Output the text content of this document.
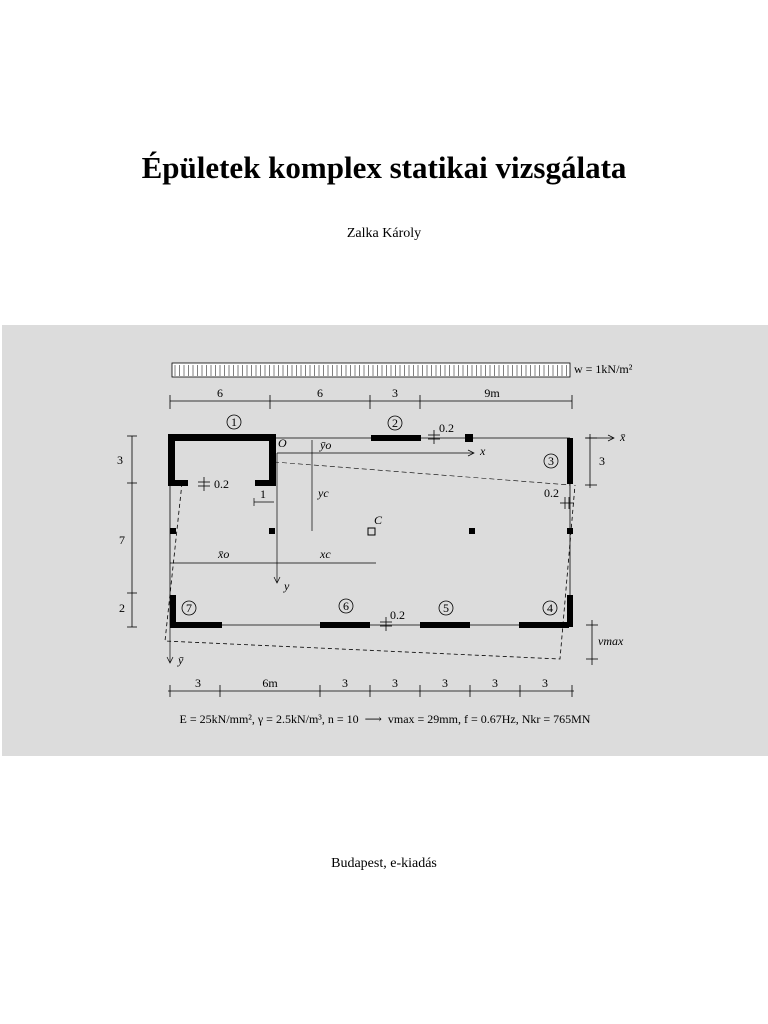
Épületek komplex statikai vizsgálata
Zalka Károly
w = 1kN/m²
6	6	3	9m
1	2
3
4
5
6
7
0.2
0.2
0.2
0.2
1
O
C
x
y
x̄
ȳ
ȳo
yc
x̄o	xc
vmax
3
7
2
3
3	6m	3	3	3	3	3
E = 25kN/mm², γ = 2.5kN/m³, n = 10 ⟶ vmax = 29mm, f = 0.67Hz, Nkr = 765MN
Budapest, e-kiadás
